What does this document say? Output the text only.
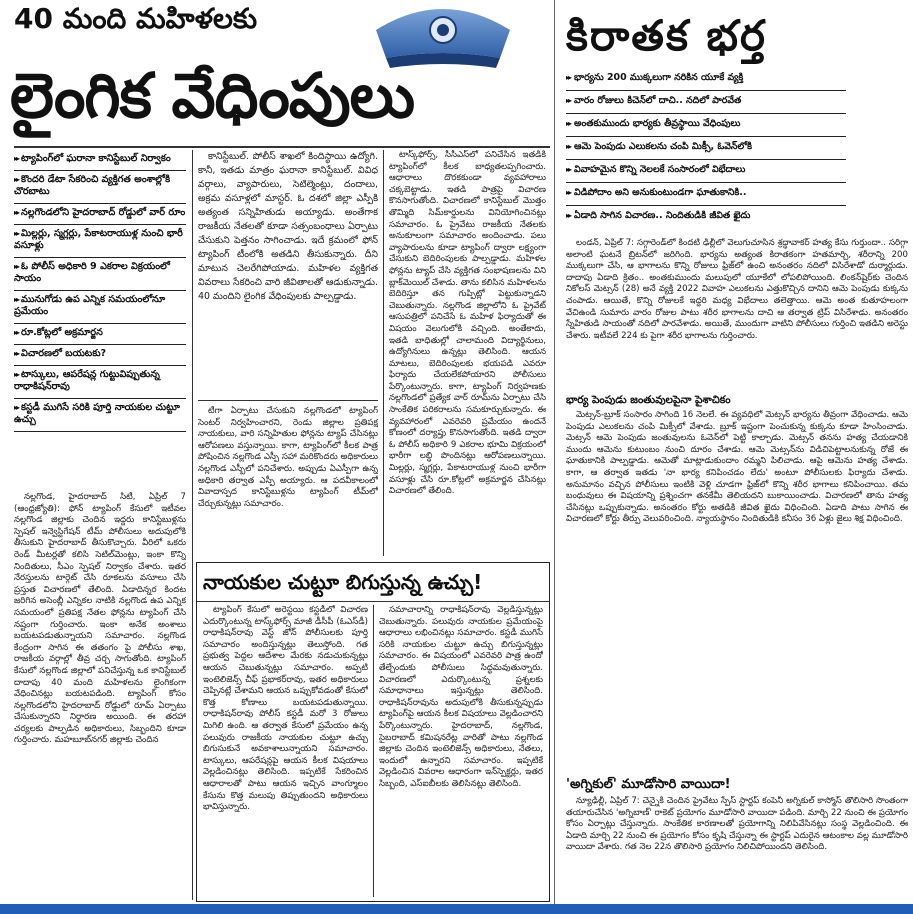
40 మంది మహిళలకు
లైంగిక వేధింపులు
▸▸ ట్యాపింగ్‌లో ఘరానా కానిస్టేబుల్ నిర్వాకం
▸▸ కొందరి డేటా సేకరించి వ్యక్తిగత అంశాల్లోకి చొరబాటు
▸▸ నల్లగొండలోని హైదరాబాద్ రోడ్డులో వార్ రూం
▸▸ మిల్లర్లు, స్మగ్లర్లు, పేకాటరాయుళ్ల నుంచి భారీ వసూళ్లు
▸▸ ఓ పోలీస్ అధికారి 9 ఎకరాల విక్రయంలో సాయం
▸▸ మునుగోడు ఉప ఎన్నిక సమయంలోనూ ప్రమేయం
▸▸ రూ.కోట్లలో అక్రమార్జన
▸▸ విచారణలో బయటకు?
▸▸ టాస్కులు, ఆపరేషన్ల గుట్టువిప్పుతున్న రాధాకిషన్‌రావు
▸▸ కస్టడీ ముగిసే సరికి పూర్తి నాయకుల చుట్టూ ఉచ్చు

నల్లగొండ, హైదరాబాద్ సిటీ, ఏప్రిల్ 7 (ఆంధ్రజ్యోతి): ఫోన్ ట్యాపింగ్ కేసులో ఇటీవల నల్లగొండ జిల్లాకు చెందిన ఇద్దరు కానిస్టేబుళ్లను స్పెషల్ ఇన్వెస్టిగేషన్ టీమ్ పోలీసులు అదుపులోకి తీసుకుని హైదరాబాద్ తీసుకొచ్చారు. వీరిలో ఒకరు రెండ్ మీటర్లతో కలిసి సెటిల్‌మెంట్లు, ఇంకా కొన్ని నిందితులు, సీఎం స్పెషల్ నిర్వాకం చేశారు. ఇతర నేరస్తులను టార్గెట్ చేసి రూకలను వసూలు చేసి ప్రస్తుత విచారణలో తేలింది. ఏడాదిన్నర కిందట జరిగిన అసెంబ్లీ ఎన్నికల నాటికి నల్లగొండ ఉప ఎన్నిక సమయంలో ప్రతిపక్ష నేతల ఫోన్లను ట్యాపింగ్ చేసి నష్టంగా గుర్తించారు. ఇంకా అనేక అంశాలు బయటపడుతున్నాయని సమాచారం. నల్లగొండ కేంద్రంగా సాగిన ఈ తతంగం పై పోలీసు శాఖ, రాజకీయ వర్గాల్లో తీవ్ర చర్చ సాగుతోంది. ట్యాపింగ్ కేసులో నల్లగొండ జిల్లాలో పనిచేస్తున్న ఒక కానిస్టేబుల్ దాదాపు 40 మంది మహిళలను లైంగికంగా వేధించినట్లు బయటపడింది. ట్యాపింగ్ కోసం నల్లగొండలోని హైదరాబాద్ రోడ్డులో రూమ్ ఏర్పాటు చేసుకున్నారని నిర్ధారణ అయింది. ఈ తరహా చర్యలకు పాల్పడిన అధికారులు, సిబ్బందిని కూడా గుర్తించారు. మహబూబ్‌నగర్ జిల్లాకు చెందిన

కానిస్టేబుల్. పోలీస్ శాఖలో కిందిస్థాయి ఉద్యోగి. కానీ, ఇతడు మాత్రం ఘరానా కానిస్టేబుల్. వివిధ వర్గాలు, వ్యాపారులు, సెటిల్మెంట్లు, దందాలు, అక్రమ వసూళ్లలో మాస్టర్. ఓ దశలో జిల్లా ఎస్పీకి అత్యంత సన్నిహితుడు అయ్యాడు. అంతేగాక రాజకీయ నేతలతో కూడా సత్సంబంధాలు ఏర్పాటు చేసుకుని పెత్తనం సాగించాడు. ఇదే క్రమంలో ఫోన్ ట్యాపింగ్ టీంలోకి అతడిని తీసుకున్నారు. దీని మాటున చెలరేగిపోయాడు. మహిళల వ్యక్తిగత వివరాలు సేకరించి వారి జీవితాలతో ఆడుకున్నాడు. 40 మందిని లైంగిక వేధింపులకు పాల్పడ్డాడు.

టీగా ఏర్పాటు చేసుకుని నల్లగొండలో ట్యాపింగ్ సెంటర్ నిర్వహించారని, రెండు జిల్లాల ప్రతిపక్ష నాయకులు, వారి సన్నిహితుల ఫోన్లను ట్యాప్ చేసినట్లు ఆరోపణలు వస్తున్నాయి. కాగా, ట్యాపింగ్‌లో కీలక పాత్ర పోషించిన నల్లగొండ ఎస్పీ సహా మరికొందరు అధికారులు నల్లగొండ ఎస్బీలో పనిచేశారు. అప్పుడు ఏఎస్పీగా ఉన్న అధికారి తర్వాత ఎస్పీ అయ్యారు. ఆ పదవీకాలంలో వివాదాస్పద కానిస్టేబుళ్లను ట్యాపింగ్ టీమ్‌లో చేర్చుకున్నట్లు సమాచారం.

టాస్క్‌ఫోర్స్, సీసీఎస్‌లో పనిచేసిన ఇతడికి ట్యాపింగ్‌లో కీలక బాధ్యతలప్పగించారు. ఆధారాలు దొరకకుండా వ్యవహారాలు చక్కబెట్టాడు. ఇతడి పాత్రపై విచారణ కొనసాగుతోంది. విచారణలో కానిస్టేబుల్ మొత్తం తొమ్మిది సిమ్‌కార్డులను వినియోగించినట్లు సమాచారం. ఓ ప్రైవేటు రాజకీయ నేతలకు అనుకూలంగా సమాచారం అందించాడు. పలు వ్యాపారులను కూడా ట్యాపింగ్ ద్వారా లక్ష్యంగా చేసుకుని బెదిరింపులకు పాల్పడ్డాడు. మహిళల ఫోన్లను ట్యాప్ చేసి వ్యక్తిగత సంభాషణలను విని బ్లాక్‌మెయిల్ చేశాడు. తాను కలిసిన మహిళలను బెదిరిస్తూ తన గుప్పిట్లో పెట్టుకున్నాడని చెబుతున్నారు. నల్లగొండ జిల్లాలోని ఓ ప్రైవేట్ ఆసుపత్రిలో పనిచేసే ఓ మహిళ ఫిర్యాదుతో ఈ విషయం వెలుగులోకి వచ్చింది. అంతేకాదు, ఇతడి బాధితుల్లో చాలామంది విద్యార్థినులు, ఉద్యోగినులు ఉన్నట్లు తెలిసింది. ఆయన మాటలు, బెదిరింపులకు భయపడి ఎవరూ ఫిర్యాదు చేయలేకపోయారని పోలీసులు పేర్కొంటున్నారు. కాగా, ట్యాపింగ్ నిర్వహణకు నల్లగొండలో ప్రత్యేక వార్ రూమ్‌ను ఏర్పాటు చేసి సాంకేతిక పరికరాలను సమకూర్చుకున్నారు. ఈ వ్యవహారంలో ఎవరెవరి ప్రమేయం ఉందనే కోణంలో దర్యాప్తు కొనసాగుతోంది. ఇతడి ద్వారా ఓ పోలీస్ అధికారి 9 ఎకరాల భూమి విక్రయంలో భారీగా లబ్ధి పొందినట్లు ఆరోపణలున్నాయి. మిల్లర్లు, స్మగ్లర్లు, పేకాటరాయుళ్ల నుంచి భారీగా వసూళ్లు చేసి రూ.కోట్లలో అక్రమార్జన చేసినట్లు విచారణలో తేలింది.

నాయకుల చుట్టూ బిగుస్తున్న ఉచ్చు!

ట్యాపింగ్ కేసులో అరెస్టయి కస్టడీలో విచారణ ఎదుర్కొంటున్న టాస్క్‌ఫోర్స్ మాజీ డీసీపీ (ఓఎస్‌డీ) రాధాకిషన్‌రావు వెస్ట్ జోన్ పోలీసులకు పూర్తి సమాచారం అందిస్తున్నట్లు తెలుస్తోంది. గత ప్రభుత్వ పెద్దల ఆదేశాల మేరకు నడుచుకున్నట్లు ఆయన చెబుతున్నట్లు సమాచారం. అప్పటి ఇంటెలిజెన్స్ చీఫ్ ప్రభాకర్‌రావు, ఇతర అధికారులు చెప్పినట్లే చేశామని ఆయన ఒప్పుకోవడంతో కేసులో కొత్త కోణాలు బయటపడుతున్నాయి. రాధాకిషన్‌రావు పోలీస్ కస్టడీ మరో 3 రోజులు మిగిలి ఉంది. ఆ తర్వాత కేసులో ప్రమేయం ఉన్న పలువురు రాజకీయ నాయకుల చుట్టూ ఉచ్చు బిగుసుకునే అవకాశాలున్నాయని సమాచారం. టాస్కులు, ఆపరేషన్లపై ఆయన కీలక విషయాలు వెల్లడించినట్లు తెలిసింది. ఇప్పటికే సేకరించిన ఆధారాలతో పాటు ఆయన ఇచ్చిన వాంగ్మూలం కేసును కొత్త మలుపు తిప్పుతుందని అధికారులు భావిస్తున్నారు.

సమాచారాన్ని రాధాకిషన్‌రావు వెల్లడిస్తున్నట్లు చెబుతున్నారు. పలువురు నాయకుల ప్రమేయంపై ఆధారాలు లభించినట్లు సమాచారం. కస్టడీ ముగిసే సరికి నాయకుల చుట్టూ ఉచ్చు బిగుస్తున్నట్లు సమాచారం. ఈ విషయంలో ఎవరెవరి పాత్ర ఉందో తేల్చేందుకు పోలీసులు సిద్ధమవుతున్నారు. విచారణలో ఎదుర్కొంటున్న ప్రశ్నలకు సమాధానాలు ఇస్తున్నట్లు తెలిసింది. రాధాకిషన్‌రావును అదుపులోకి తీసుకున్నప్పుడు ట్యాపింగ్‌పై ఆయన కీలక విషయాలు వెల్లడించారని పేర్కొంటున్నారు. హైదరాబాద్, నల్లగొండ, సైబరాబాద్ కమిషనరేట్ల వారితో పాటు నల్లగొండ జిల్లాకు చెందిన ఇంటెలిజెన్స్ అధికారులు, నేతలు, ఇందులో ఉన్నారని సమాచారం. ఇప్పటికే వెల్లడించిన వివరాల ఆధారంగా ఇన్‌స్పెక్టర్లు, ఇతర సిబ్బంది, ఎస్ఐబీలకు తెలిసినట్లు తెలిసింది.

కిరాతక భర్త
▸▸ భార్యను 200 ముక్కలుగా నరికిన యూకే వ్యక్తి
▸▸ వారం రోజులు కిచెన్‌లో దాచి.. నదిలో పారవేత
▸▸ అంతకుముందు భార్యకు తీవ్రస్థాయి వేధింపులు
▸▸ ఆమె పెంపుడు ఎలుకలను చంపి మిక్సీ, ఓవెన్‌లోకి
▸▸ వివాహమైన కొన్ని నెలలకే సంసారంలో విభేదాలు
▸▸ విడిపోదాం అని అనుకుంటుండగా ఘాతుకానికి..
▸▸ ఏడాది సాగిన విచారణ.. నిందితుడికి జీవిత ఖైదు

లండన్, ఏప్రిల్ 7: సగ్గారెండ్‌లో కిందటి ఢిల్లీలో వెలుగుచూసిన శ్రద్ధావాకర్ హత్య కేసు గుర్తుందా.. సరిగ్గా అలాంటి ఘటనే బ్రిటన్‌లో జరిగింది. భార్యను అత్యంత కిరాతకంగా హతమార్చి, శరీరాన్ని 200 ముక్కలుగా చేసి, ఆ భాగాలను కొన్ని రోజులు ఫ్రిజ్‌లో ఉంచి అనంతరం నదిలో విసిరేశాడో దుర్మార్గుడు. దాదాపు ఏడాది క్రితం.. అంతకుముందు మలుపులో యూకేలో లోపలిపోయింది. లింకన్‌షైర్‌కు చెందిన నికోలస్ మెట్సన్ (28) అనే వ్యక్తి 2022 వివాహ ఎలుకలను ఎత్తుకొచ్చిన దానిని ఆమె పెంపుడు కుక్కను చంపాడు. ఆయితే, కొన్ని రోజులకే ఇద్దరి మధ్య విభేదాలు తలెత్తాయి. ఆమె అంత కుతూహలంగా వేచిఉండి సుమారు వారం రోజుల పాటు శరీర భాగాలను దాచి ఆ తర్వాత ట్రిప్ విసిరేశాడు. అనంతరం స్నేహితుడి సాయంతో నదిలో పారవేశాడు. అయితే, ముందుగా వాటిని పోలీసులు గుర్తించి ఇతడిని అరెస్టు చేశారు. ఇటీవలే 224 కు పైగా శరీర భాగాలను గుర్తించారు.

భార్య పెంపుడు జంతువులపైనా పైశాచికం

మెట్సన్-బ్రూక్ సంసారం సాగింది 16 నెలలే. ఈ వ్యవధిలో మెట్సన్ భార్యను తీవ్రంగా వేధించాడు. ఆమె పెంపుడు ఎలుకలను చంపి మిక్సీలో వేశాడు. బ్రూక్ ఇష్టంగా పెంచుకున్న కుక్కను కూడా హింసించాడు. మెట్సన్ ఆమె పెంపుడు జంతువులను ఓవెన్‌లో పెట్టి కాల్చాడు. మెట్సన్ తనను హత్య చేయడానికి ముందు ఆమెను కుటుంబం నుంచి దూరం చేశాడు. ఆమె మెట్సన్‌ను విడిచిపెట్టాలనుకున్న రోజే ఈ ఘాతుకానికి పాల్పడ్డాడు. ఆమెతో మాట్లాడుకుందాం రమ్మని పిలిచాడు. ఆపై ఆమెను హత్య చేశాడు. కాగా, ఆ తర్వాత ఇతడు 'నా భార్య కనిపించడం లేదు' అంటూ పోలీసులకు ఫిర్యాదు చేశాడు. అనుమానం వచ్చిన పోలీసులు ఇంటికి వెళ్లి చూడగా ఫ్రిజ్‌లో కొన్ని శరీర భాగాలు కనిపించాయి. తమ బంధువులు ఈ విషయాన్ని ప్రశ్నించగా తనకేమీ తెలియదని బుకాయించాడు. విచారణలో తాను హత్య చేసినట్లు ఒప్పుకున్నాడు. అనంతరం కోర్టు అతడికి జీవిత ఖైదు విధించింది. ఏడాది పాటు సాగిన ఈ విచారణలో కోర్టు తీర్పు వెలువరించింది. న్యాయస్థానం నిందితుడికి కనీసం 36 ఏళ్లు జైలు శిక్ష విధించింది.

'అగ్నికుల్' మూడోసారి వాయిదా!

న్యూఢిల్లీ, ఏప్రిల్ 7: చెన్నైకి చెందిన ప్రైవేటు స్పేస్ స్టార్టప్ కంపెనీ అగ్నికుల్ కాస్మోస్ తొలిసారి సొంతంగా తయారుచేసిన 'అగ్నిబాణ్' రాకెట్ ప్రయోగం మూడోసారి వాయిదా పడింది. మార్చి 22 నుంచి ఈ ప్రయోగం కోసం ఏర్పాట్లు చేస్తున్నారు. సాంకేతిక కారణాలతో ప్రయోగాన్ని నిలిపివేసినట్లు సంస్థ వెల్లడించింది. ఈ ఏడాది మార్చి 22 నుంచి ఈ ప్రయోగం కోసం కృషి చేస్తున్నా ఈ స్టార్టప్ ఎదురైన ఆటంకాల వల్ల మూడోసారి వాయిదా వేశారు. గత నెల 22న తొలిసారి ప్రయోగం నిలిచిపోయిందని తెలిసింది.
